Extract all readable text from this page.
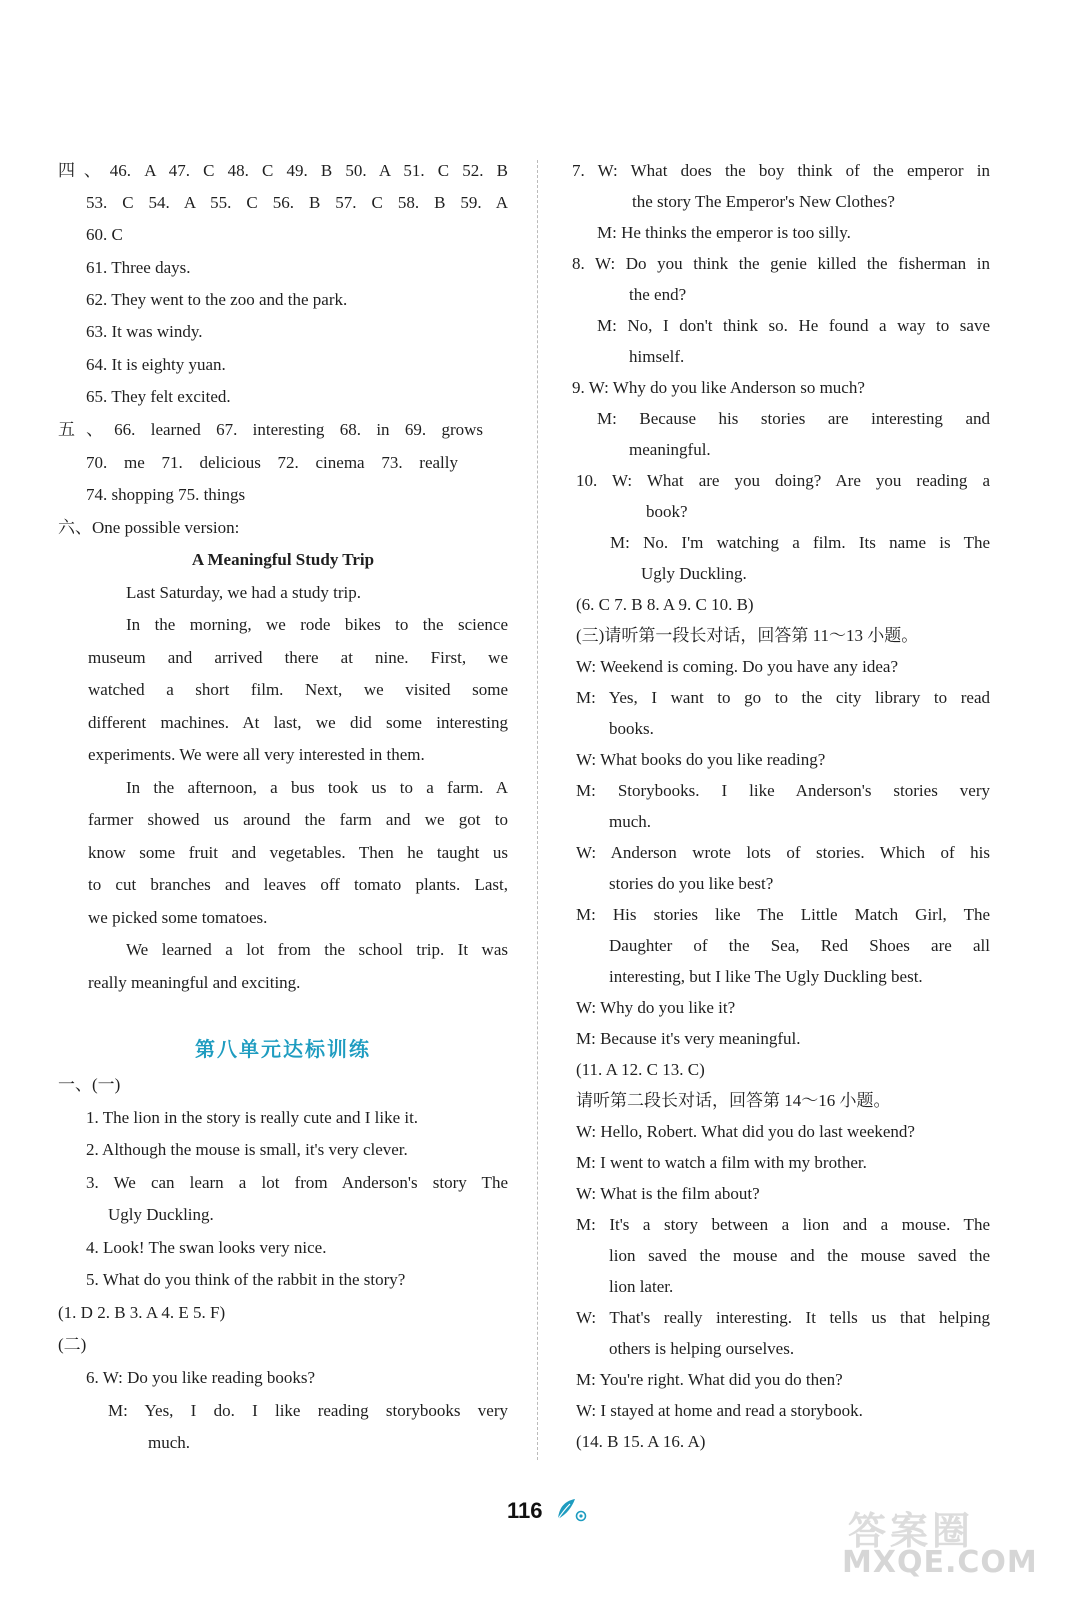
四、46. A 47. C 48. C 49. B 50. A 51. C 52. B
53. C 54. A 55. C 56. B 57. C 58. B 59. A
60. C
61. Three days.
62. They went to the zoo and the park.
63. It was windy.
64. It is eighty yuan.
65. They felt excited.
五、66. learned 67. interesting 68. in 69. grows
70. me 71. delicious 72. cinema 73. really
74. shopping 75. things
六、One possible version:
A Meaningful Study Trip
Last Saturday, we had a study trip.
In the morning, we rode bikes to the science
museum and arrived there at nine. First, we
watched a short film. Next, we visited some
different machines. At last, we did some interesting
experiments. We were all very interested in them.
In the afternoon, a bus took us to a farm. A
farmer showed us around the farm and we got to
know some fruit and vegetables. Then he taught us
to cut branches and leaves off tomato plants. Last,
we picked some tomatoes.
We learned a lot from the school trip. It was
really meaningful and exciting.
第八单元达标训练
一、(一)
1. The lion in the story is really cute and I like it.
2. Although the mouse is small, it's very clever.
3. We can learn a lot from Anderson's story The
Ugly Duckling.
4. Look! The swan looks very nice.
5. What do you think of the rabbit in the story?
(1. D 2. B 3. A 4. E 5. F)
(二)
6. W: Do you like reading books?
M: Yes, I do. I like reading storybooks very
much.
7. W: What does the boy think of the emperor in
the story The Emperor's New Clothes?
M: He thinks the emperor is too silly.
8. W: Do you think the genie killed the fisherman in
the end?
M: No, I don't think so. He found a way to save
himself.
9. W: Why do you like Anderson so much?
M: Because his stories are interesting and
meaningful.
10. W: What are you doing? Are you reading a
book?
M: No. I'm watching a film. Its name is The
Ugly Duckling.
(6. C 7. B 8. A 9. C 10. B)
(三)请听第一段长对话，回答第 11～13 小题。
W: Weekend is coming. Do you have any idea?
M: Yes, I want to go to the city library to read
books.
W: What books do you like reading?
M: Storybooks. I like Anderson's stories very
much.
W: Anderson wrote lots of stories. Which of his
stories do you like best?
M: His stories like The Little Match Girl, The
Daughter of the Sea, Red Shoes are all
interesting, but I like The Ugly Duckling best.
W: Why do you like it?
M: Because it's very meaningful.
(11. A 12. C 13. C)
请听第二段长对话，回答第 14～16 小题。
W: Hello, Robert. What did you do last weekend?
M: I went to watch a film with my brother.
W: What is the film about?
M: It's a story between a lion and a mouse. The
lion saved the mouse and the mouse saved the
lion later.
W: That's really interesting. It tells us that helping
others is helping ourselves.
M: You're right. What did you do then?
W: I stayed at home and read a storybook.
(14. B 15. A 16. A)
116	答案圈
MXQE.COM
